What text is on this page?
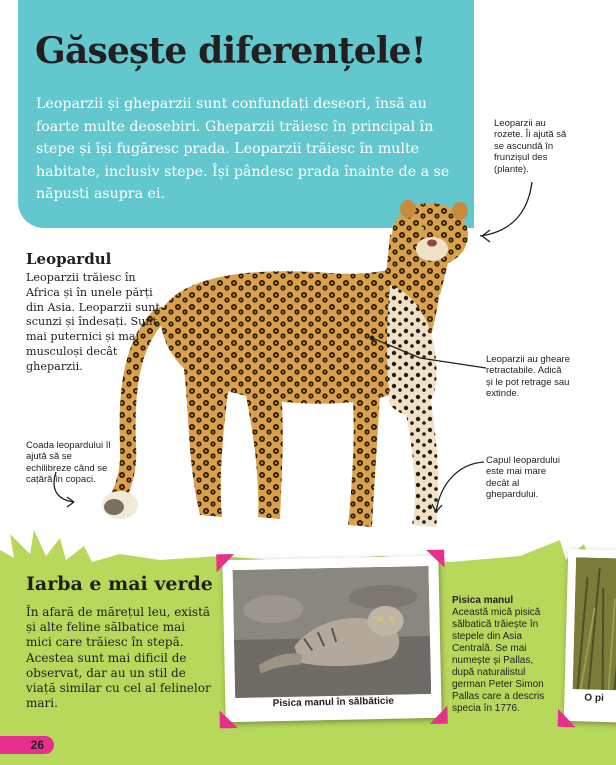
Găsește diferențele!

Leoparzii și gheparzii sunt confundați deseori, însă au foarte multe deosebiri. Gheparzii trăiesc în principal în stepe și își fugăresc prada. Leoparzii trăiesc în multe habitate, inclusiv stepe. Își pândesc prada înainte de a se năpusti asupra ei.

Leopardul

Leoparzii trăiesc în Africa și în unele părți din Asia. Leoparzii sunt scunzi și îndesați. Sunt mai puternici și mai musculoși decât gheparzii.

Leoparzii au rozete. Îi ajută să se ascundă în frunzișul des (plante).

Leoparzii au gheare retractabile. Adică și le pot retrage sau extinde.

Coada leopardului îl ajută să se echilibreze când se cațără în copaci.

Capul leopardului este mai mare decât al ghepardului.

Iarba e mai verde

În afară de mărețul leu, există și alte feline sălbatice mai mici care trăiesc în stepă. Acestea sunt mai dificil de observat, dar au un stil de viață similar cu cel al felinelor mari.	Pisica manul în sălbăticie

Pisica manul

Această mică pisică sălbatică trăiește în stepele din Asia Centrală. Se mai numește și Pallas, după naturalistul german Peter Simon Pallas care a descris specia în 1776.

O pi
26
